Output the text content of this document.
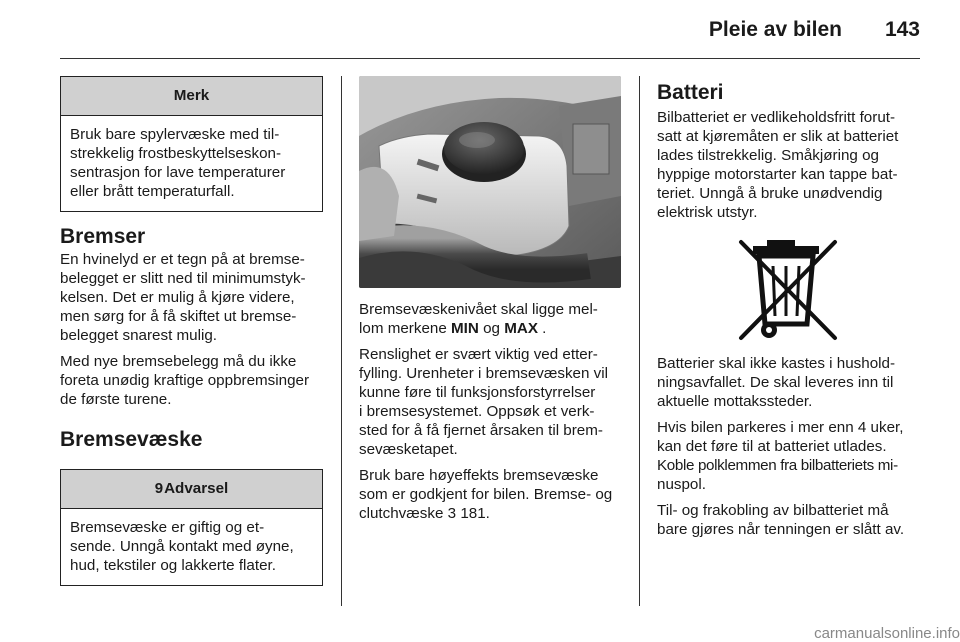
Pleie av bilen 143
Merk

Bruk bare spylervæske med til-
strekkelig frostbeskyttelseskon-
sentrasjon for lave temperaturer
eller brått temperaturfall.

Bremser

En hvinelyd er et tegn på at bremse-
belegget er slitt ned til minimumstyk-
kelsen. Det er mulig å kjøre videre,
men sørg for å få skiftet ut bremse-
belegget snarest mulig.

Med nye bremsebelegg må du ikke
foreta unødig kraftige oppbremsinger
de første turene.

Bremsevæske
9Advarsel

Bremsevæske er giftig og et-
sende. Unngå kontakt med øyne,
hud, tekstiler og lakkerte flater.

Bremsevæskenivået skal ligge mel-
lom merkene MIN og MAX .

Renslighet er svært viktig ved etter-
fylling. Urenheter i bremsevæsken vil
kunne føre til funksjonsforstyrrelser
i bremsesystemet. Oppsøk et verk-
sted for å få fjernet årsaken til brem-
sevæsketapet.

Bruk bare høyeffekts bremsevæske
som er godkjent for bilen. Bremse- og
clutchvæske 3 181.

Batteri

Bilbatteriet er vedlikeholdsfritt forut-
satt at kjøremåten er slik at batteriet
lades tilstrekkelig. Småkjøring og
hyppige motorstarter kan tappe bat-
teriet. Unngå å bruke unødvendig
elektrisk utstyr.

Batterier skal ikke kastes i hushold-
ningsavfallet. De skal leveres inn til
aktuelle mottakssteder.

Hvis bilen parkeres i mer enn 4 uker,
kan det føre til at batteriet utlades.
Koble polklemmen fra bilbatteriets mi-
nuspol.

Til- og frakobling av bilbatteriet må
bare gjøres når tenningen er slått av.

carmanualsonline.info
